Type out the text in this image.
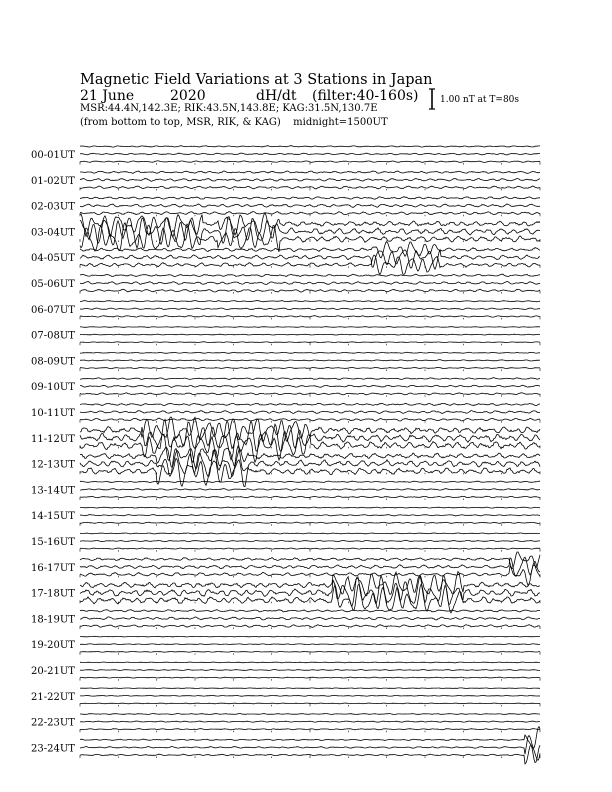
Magnetic Field Variations at 3 Stations in Japan
21 June	2020	dH/dt (filter:40-160s)
MSR:44.4N,142.3E; RIK:43.5N,143.8E; KAG:31.5N,130.7E
(from bottom to top, MSR, RIK, & KAG) midnight=1500UT
1.00 nT at T=80s
00-01UT
01-02UT
02-03UT
03-04UT
04-05UT
05-06UT
06-07UT
07-08UT
08-09UT
09-10UT
10-11UT
11-12UT
12-13UT
13-14UT
14-15UT
15-16UT
16-17UT
17-18UT
18-19UT
19-20UT
20-21UT
21-22UT
22-23UT
23-24UT
